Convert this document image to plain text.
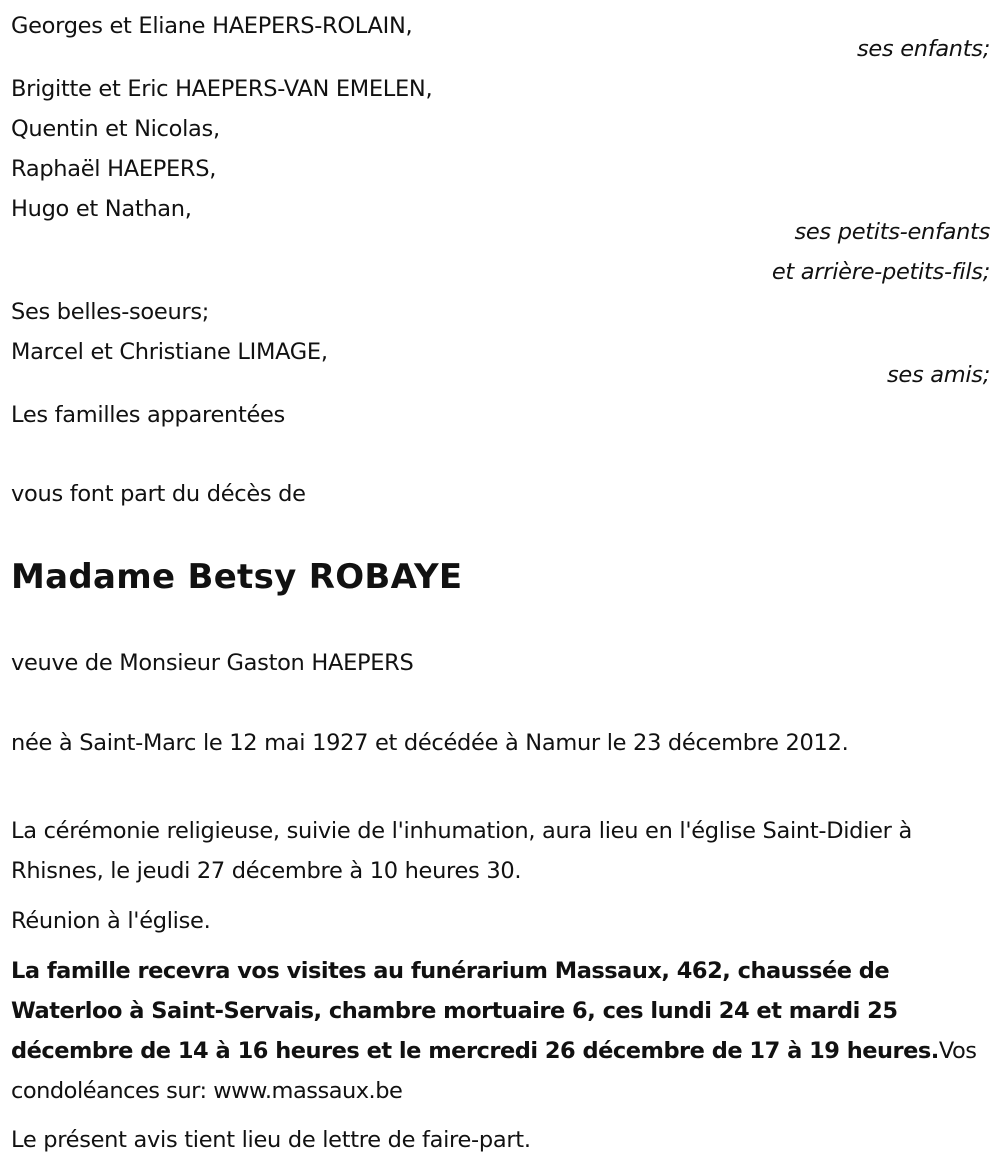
Georges et Eliane HAEPERS-ROLAIN,
ses enfants;
Brigitte et Eric HAEPERS-VAN EMELEN,
Quentin et Nicolas,
Raphaël HAEPERS,
Hugo et Nathan,
ses petits-enfants
et arrière-petits-fils;
Ses belles-soeurs;
Marcel et Christiane LIMAGE,
ses amis;
Les familles apparentées
vous font part du décès de
Madame Betsy ROBAYE
veuve de Monsieur Gaston HAEPERS
née à Saint-Marc le 12 mai 1927 et décédée à Namur le 23 décembre 2012.
La cérémonie religieuse, suivie de l'inhumation, aura lieu en l'église Saint-Didier à Rhisnes, le jeudi 27 décembre à 10 heures 30.
Réunion à l'église.
La famille recevra vos visites au funérarium Massaux, 462, chaussée de Waterloo à Saint-Servais, chambre mortuaire 6, ces lundi 24 et mardi 25 décembre de 14 à 16 heures et le mercredi 26 décembre de 17 à 19 heures.Vos condoléances sur: www.massaux.be
Le présent avis tient lieu de lettre de faire-part.
